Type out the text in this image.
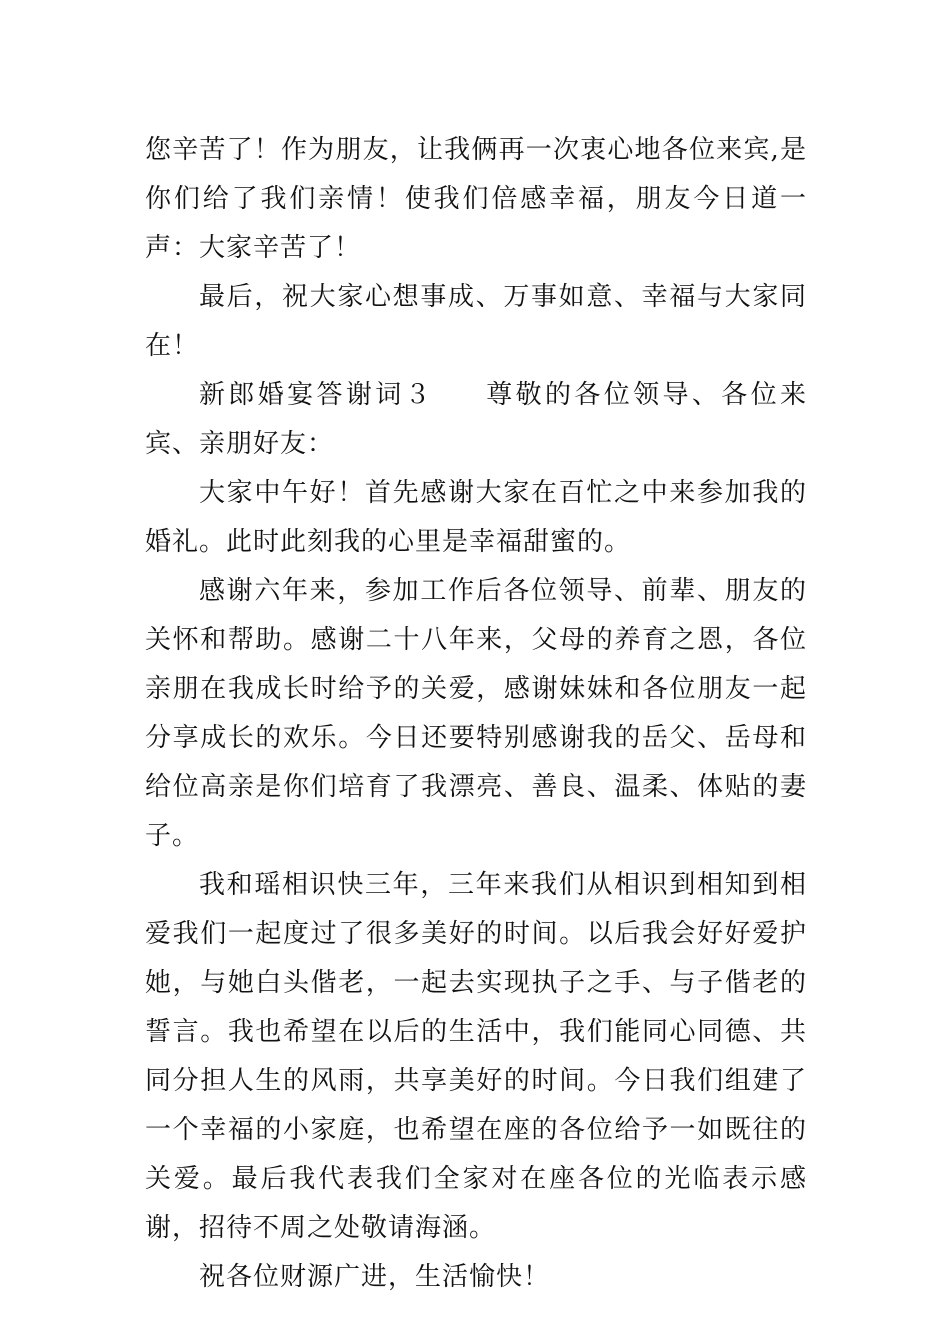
您辛苦了！作为朋友，让我俩再一次衷心地各位来宾,是你们给了我们亲情！使我们倍感幸福，朋友今日道一声：大家辛苦了！

最后，祝大家心想事成、万事如意、幸福与大家同在！

新郎婚宴答谢词３ 尊敬的各位领导、各位来宾、亲朋好友：

大家中午好！首先感谢大家在百忙之中来参加我的婚礼。此时此刻我的心里是幸福甜蜜的。

感谢六年来，参加工作后各位领导、前辈、朋友的关怀和帮助。感谢二十八年来，父母的养育之恩，各位亲朋在我成长时给予的关爱，感谢妹妹和各位朋友一起分享成长的欢乐。今日还要特别感谢我的岳父、岳母和给位高亲是你们培育了我漂亮、善良、温柔、体贴的妻子。

我和瑶相识快三年，三年来我们从相识到相知到相爱我们一起度过了很多美好的时间。以后我会好好爱护她，与她白头偕老，一起去实现执子之手、与子偕老的誓言。我也希望在以后的生活中，我们能同心同德、共同分担人生的风雨，共享美好的时间。今日我们组建了一个幸福的小家庭，也希望在座的各位给予一如既往的关爱。最后我代表我们全家对在座各位的光临表示感谢，招待不周之处敬请海涵。

祝各位财源广进，生活愉快！
